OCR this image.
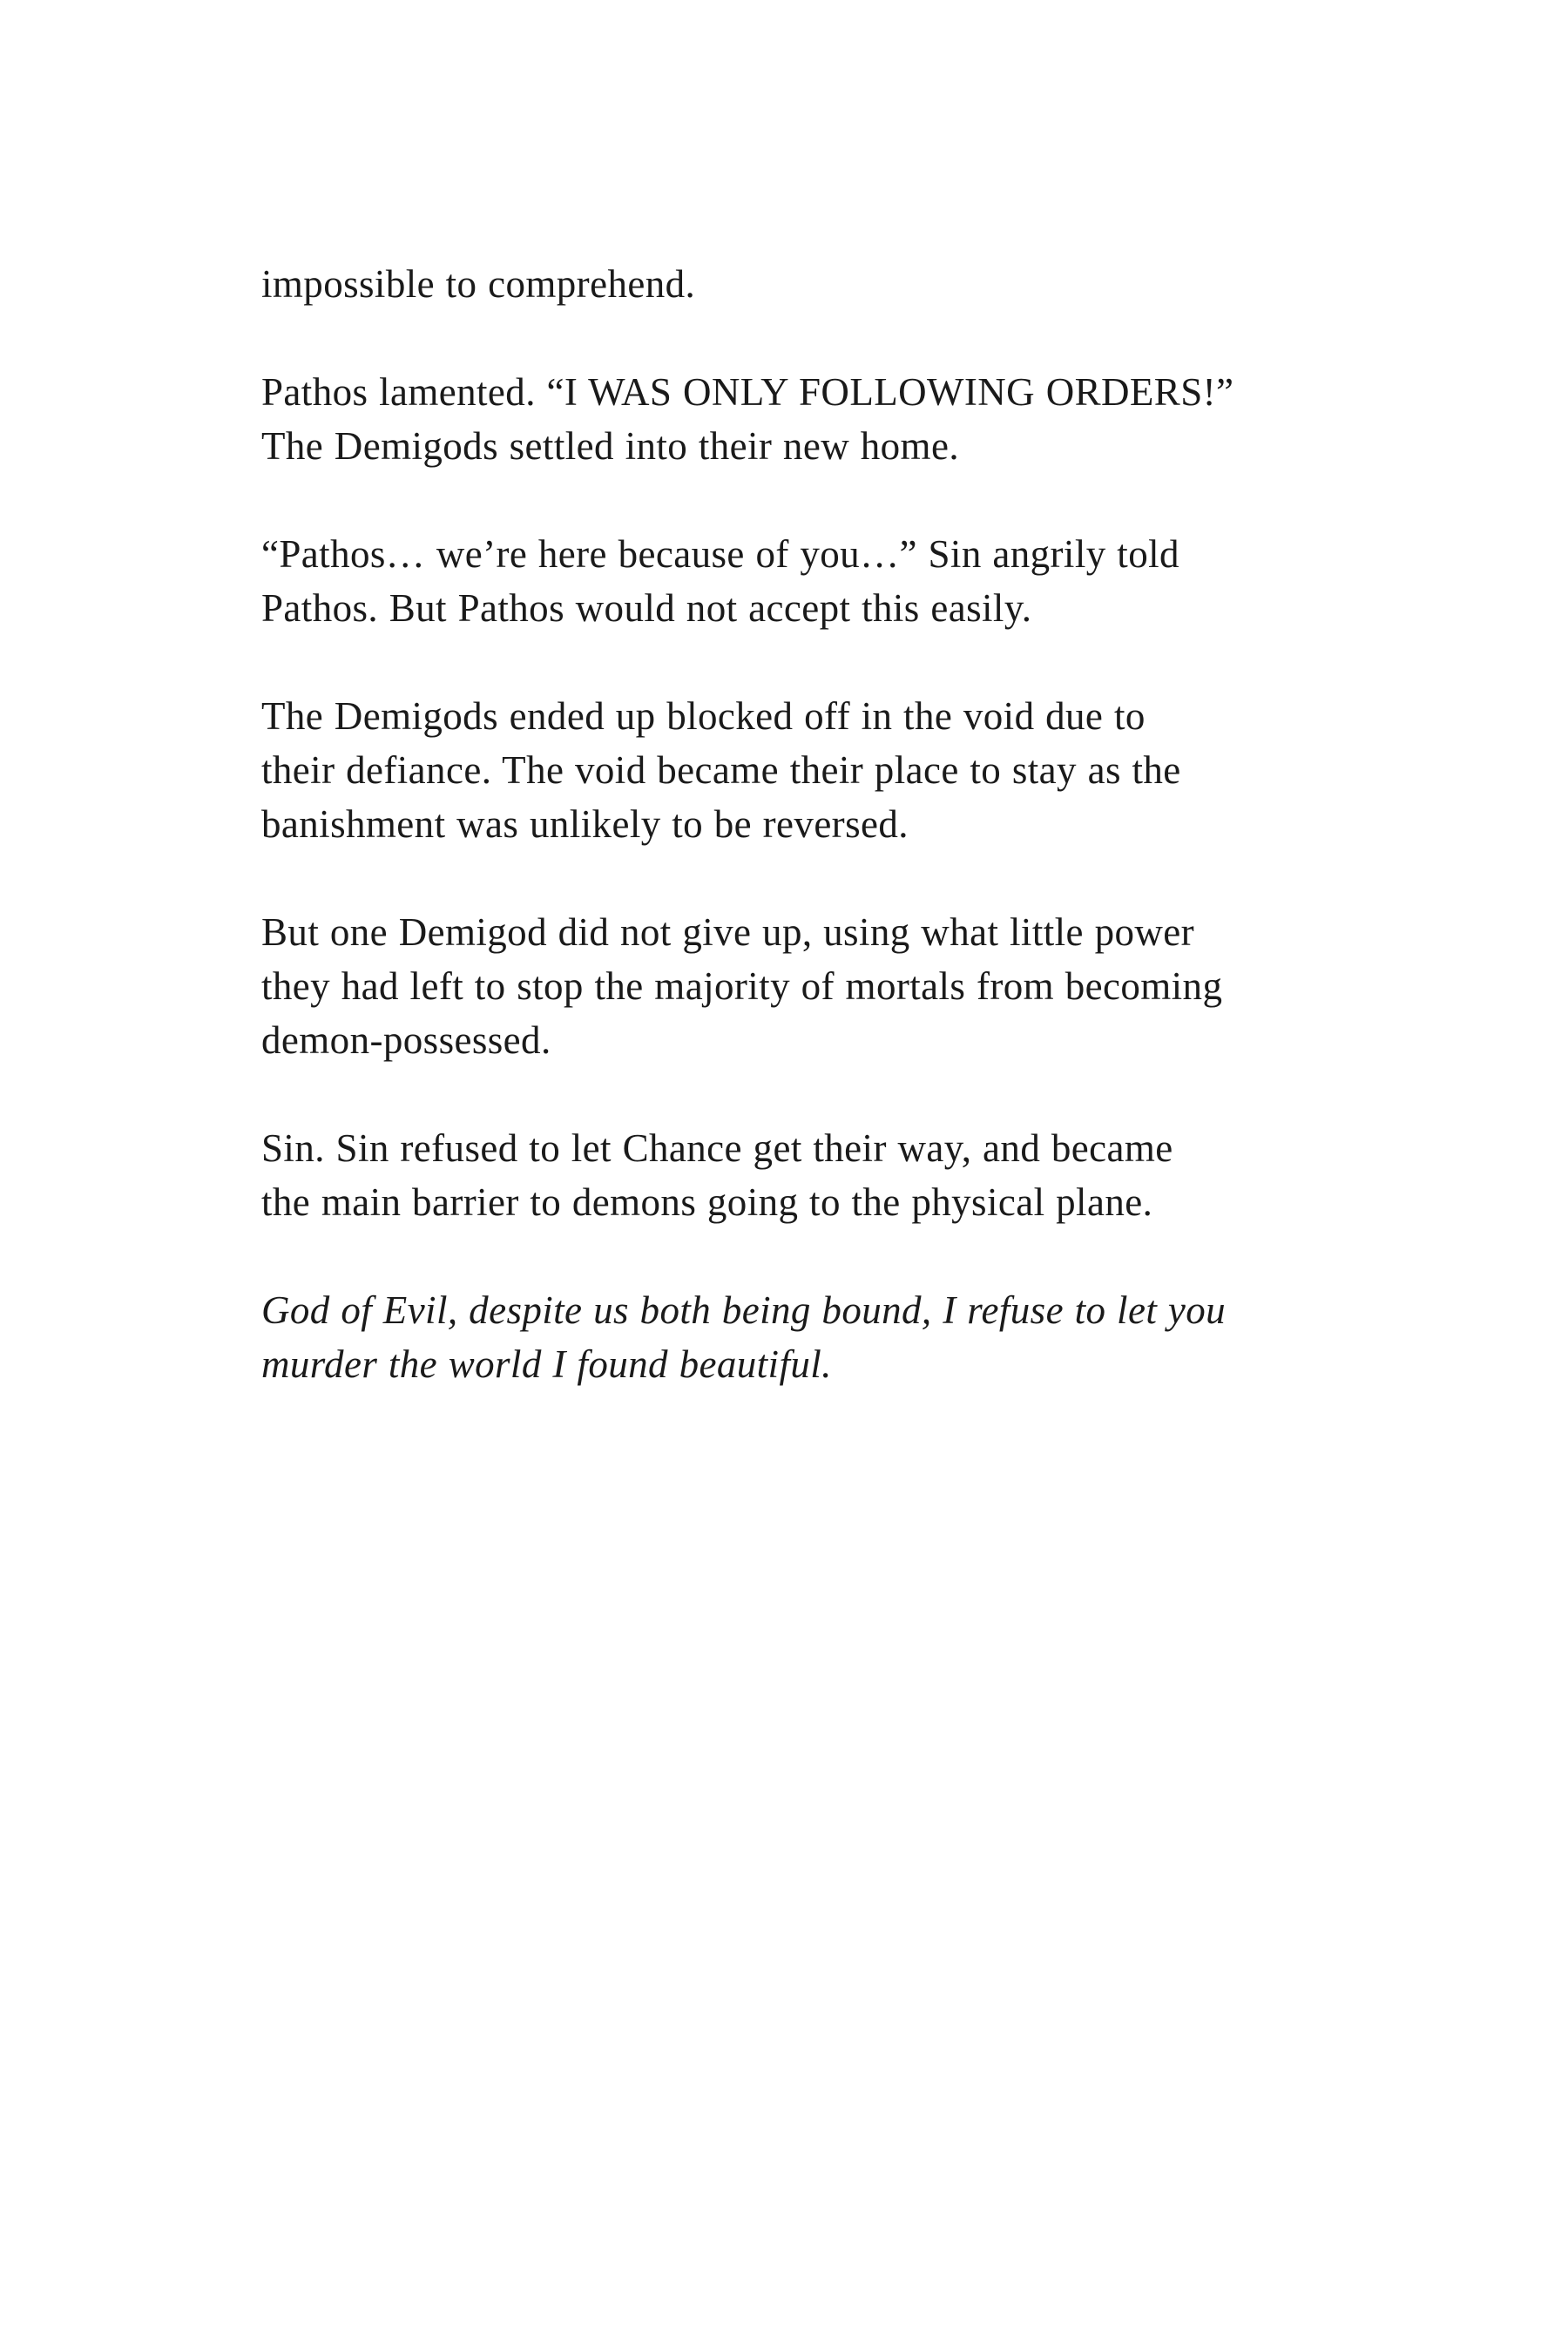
impossible to comprehend.

Pathos lamented. “I WAS ONLY FOLLOWING ORDERS!”
The Demigods settled into their new home.

“Pathos… we’re here because of you…” Sin angrily told
Pathos. But Pathos would not accept this easily.

The Demigods ended up blocked off in the void due to
their defiance. The void became their place to stay as the
banishment was unlikely to be reversed.

But one Demigod did not give up, using what little power
they had left to stop the majority of mortals from becoming
demon-possessed.

Sin. Sin refused to let Chance get their way, and became
the main barrier to demons going to the physical plane.

God of Evil, despite us both being bound, I refuse to let you
murder the world I found beautiful.
